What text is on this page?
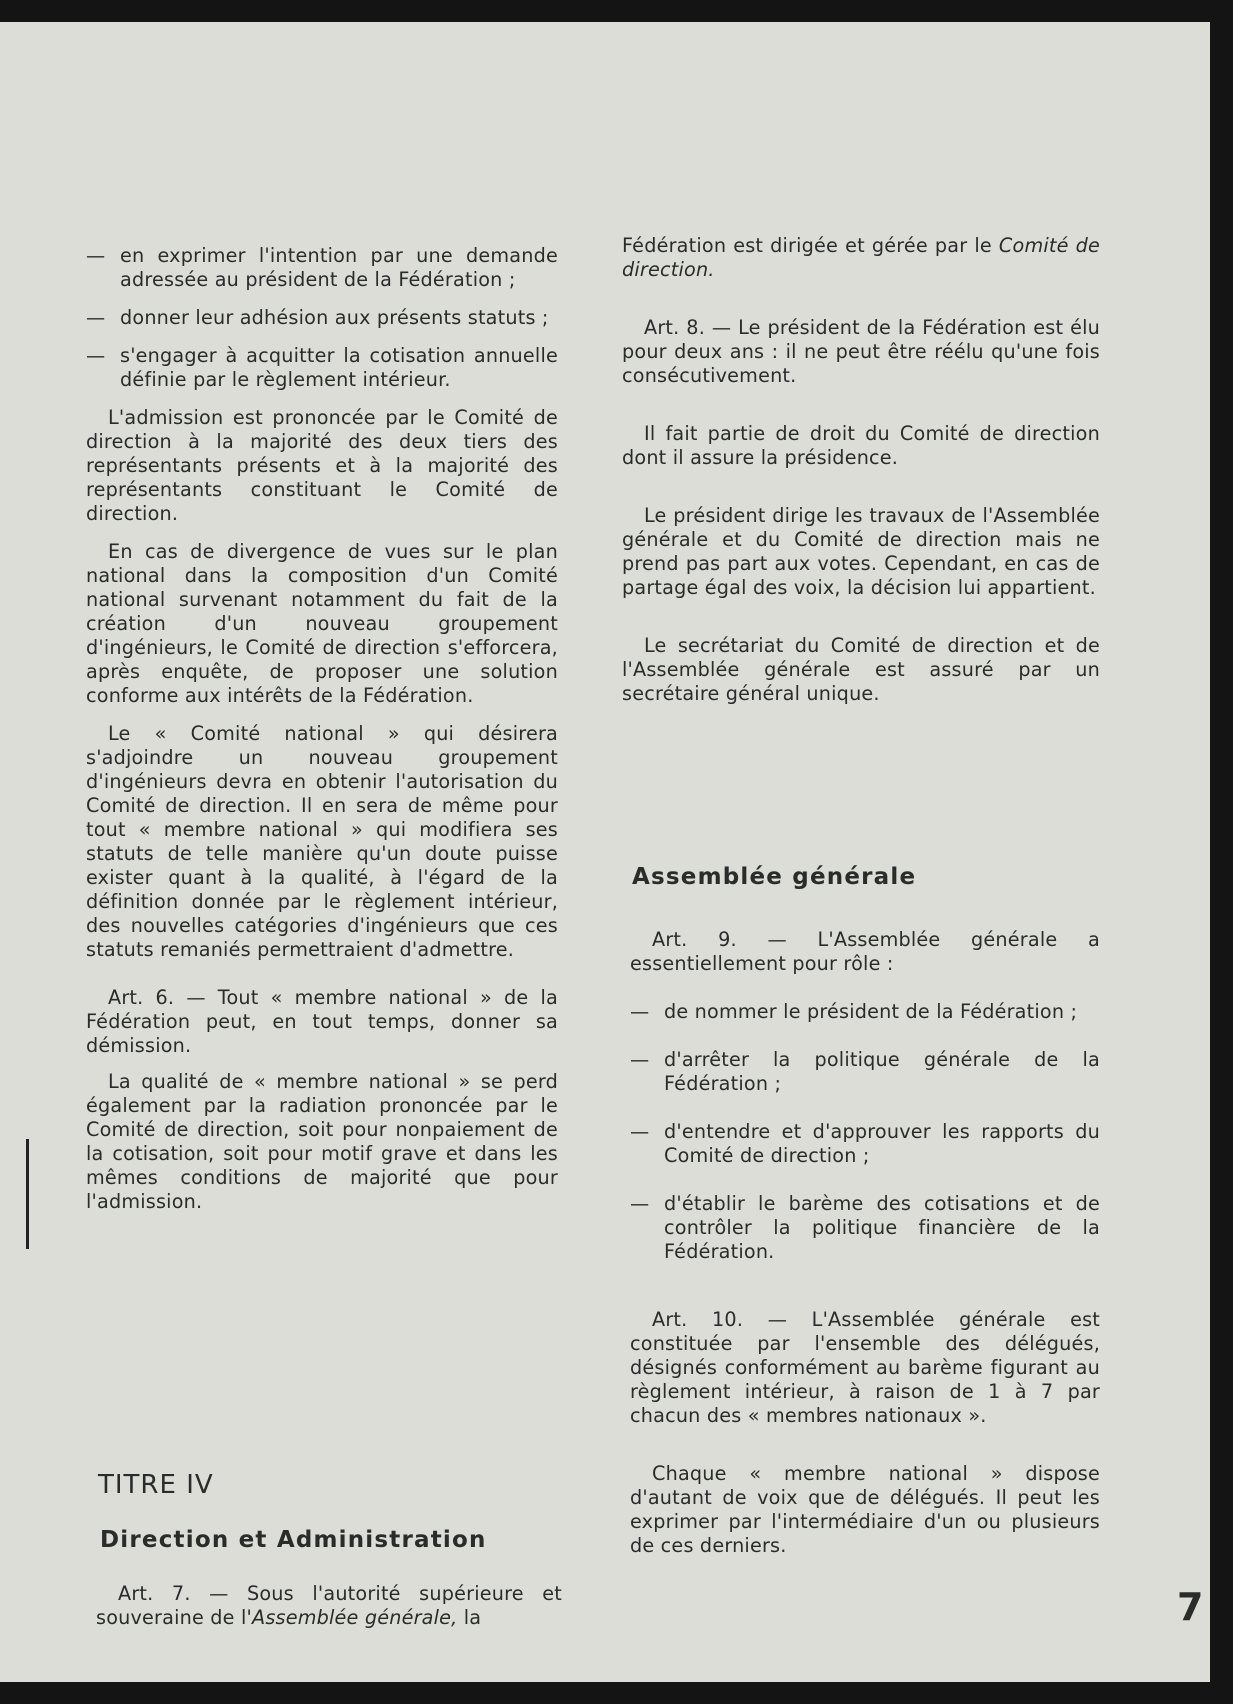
— en exprimer l'intention par une demande adressée au président de la Fédération ;

— donner leur adhésion aux présents statuts ;

— s'engager à acquitter la cotisation annuelle définie par le règlement intérieur.

L'admission est prononcée par le Comité de direction à la majorité des deux tiers des représentants présents et à la majorité des représentants constituant le Comité de direction.

En cas de divergence de vues sur le plan national dans la composition d'un Comité national survenant notamment du fait de la création d'un nouveau groupement d'ingénieurs, le Comité de direction s'efforcera, après enquête, de proposer une solution conforme aux intérêts de la Fédération.

Le « Comité national » qui désirera s'adjoindre un nouveau groupement d'ingénieurs devra en obtenir l'autorisation du Comité de direction. Il en sera de même pour tout « membre national » qui modifiera ses statuts de telle manière qu'un doute puisse exister quant à la qualité, à l'égard de la définition donnée par le règlement intérieur, des nouvelles catégories d'ingénieurs que ces statuts remaniés permettraient d'admettre.

Art. 6. — Tout « membre national » de la Fédération peut, en tout temps, donner sa démission.

La qualité de « membre national » se perd également par la radiation prononcée par le Comité de direction, soit pour nonpaiement de la cotisation, soit pour motif grave et dans les mêmes conditions de majorité que pour l'admission.

TITRE IV
Direction et Administration

Art. 7. — Sous l'autorité supérieure et souveraine de l'Assemblée générale, la

Fédération est dirigée et gérée par le Comité de direction.

Art. 8. — Le président de la Fédération est élu pour deux ans : il ne peut être réélu qu'une fois consécutivement.

Il fait partie de droit du Comité de direction dont il assure la présidence.

Le président dirige les travaux de l'Assemblée générale et du Comité de direction mais ne prend pas part aux votes. Cependant, en cas de partage égal des voix, la décision lui appartient.

Le secrétariat du Comité de direction et de l'Assemblée générale est assuré par un secrétaire général unique.

Assemblée générale

Art. 9. — L'Assemblée générale a essentiellement pour rôle :

— de nommer le président de la Fédération ;

— d'arrêter la politique générale de la Fédération ;

— d'entendre et d'approuver les rapports du Comité de direction ;

— d'établir le barème des cotisations et de contrôler la politique financière de la Fédération.

Art. 10. — L'Assemblée générale est constituée par l'ensemble des délégués, désignés conformément au barème figurant au règlement intérieur, à raison de 1 à 7 par chacun des « membres nationaux ».

Chaque « membre national » dispose d'autant de voix que de délégués. Il peut les exprimer par l'intermédiaire d'un ou plusieurs de ces derniers.

7
